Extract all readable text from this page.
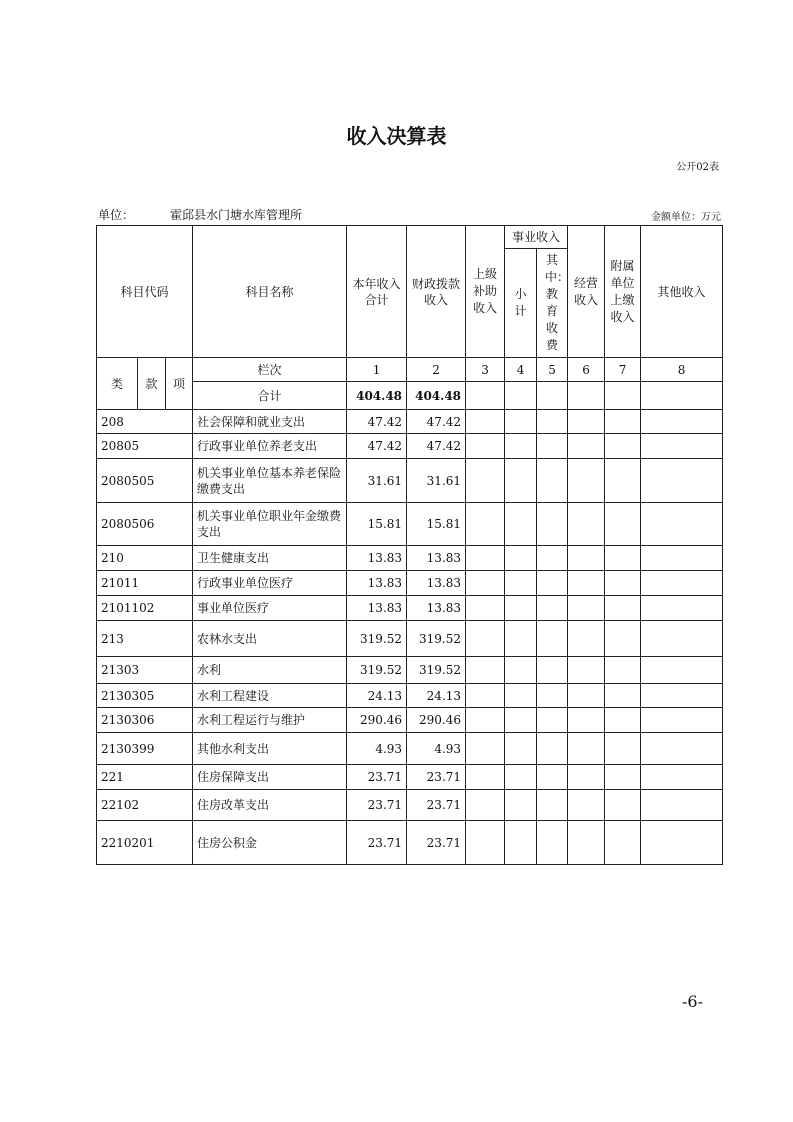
收入决算表
公开02表
单位：	霍邱县水门塘水库管理所	金额单位：万元
科目代码			科目名称	本年收入合计	财政拨款收入	上级补助收入	事业收入		经营收入	附属单位上缴收入	其他收入
							小计	其中：教育收费			
类	款	项	栏次	1	2	3	4	5	6	7	8
			合计	404.48	404.48						
208			社会保障和就业支出	47.42	47.42						
20805			行政事业单位养老支出	47.42	47.42						
2080505			机关事业单位基本养老保险缴费支出	31.61	31.61						
2080506			机关事业单位职业年金缴费支出	15.81	15.81						
210			卫生健康支出	13.83	13.83						
21011			行政事业单位医疗	13.83	13.83						
2101102			事业单位医疗	13.83	13.83						
213			农林水支出	319.52	319.52						
21303			水利	319.52	319.52						
2130305			水利工程建设	24.13	24.13						
2130306			水利工程运行与维护	290.46	290.46						
2130399			其他水利支出	4.93	4.93						
221			住房保障支出	23.71	23.71						
22102			住房改革支出	23.71	23.71						
2210201			住房公积金	23.71	23.71						
-6-
